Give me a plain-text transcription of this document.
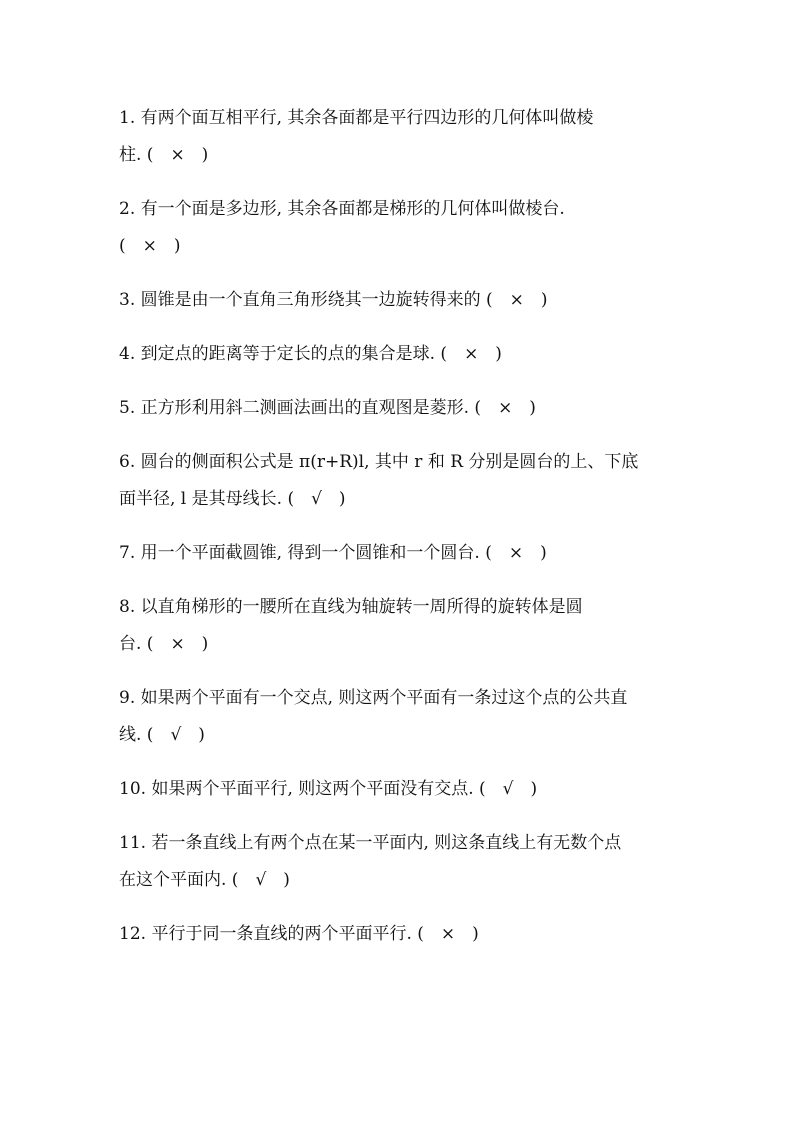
1. 有两个面互相平行, 其余各面都是平行四边形的几何体叫做棱
柱. (　×　)
2. 有一个面是多边形, 其余各面都是梯形的几何体叫做棱台.
(　×　)
3. 圆锥是由一个直角三角形绕其一边旋转得来的 (　×　)
4. 到定点的距离等于定长的点的集合是球. (　×　)
5. 正方形利用斜二测画法画出的直观图是菱形. (　×　)
6. 圆台的侧面积公式是 π(r+R)l, 其中 r 和 R 分别是圆台的上、下底
面半径, l 是其母线长. (　√　)
7. 用一个平面截圆锥, 得到一个圆锥和一个圆台. (　×　)
8. 以直角梯形的一腰所在直线为轴旋转一周所得的旋转体是圆
台. (　×　)
9. 如果两个平面有一个交点, 则这两个平面有一条过这个点的公共直
线. (　√　)
10. 如果两个平面平行, 则这两个平面没有交点. (　√　)
11. 若一条直线上有两个点在某一平面内, 则这条直线上有无数个点
在这个平面内. (　√　)
12. 平行于同一条直线的两个平面平行. (　×　)
